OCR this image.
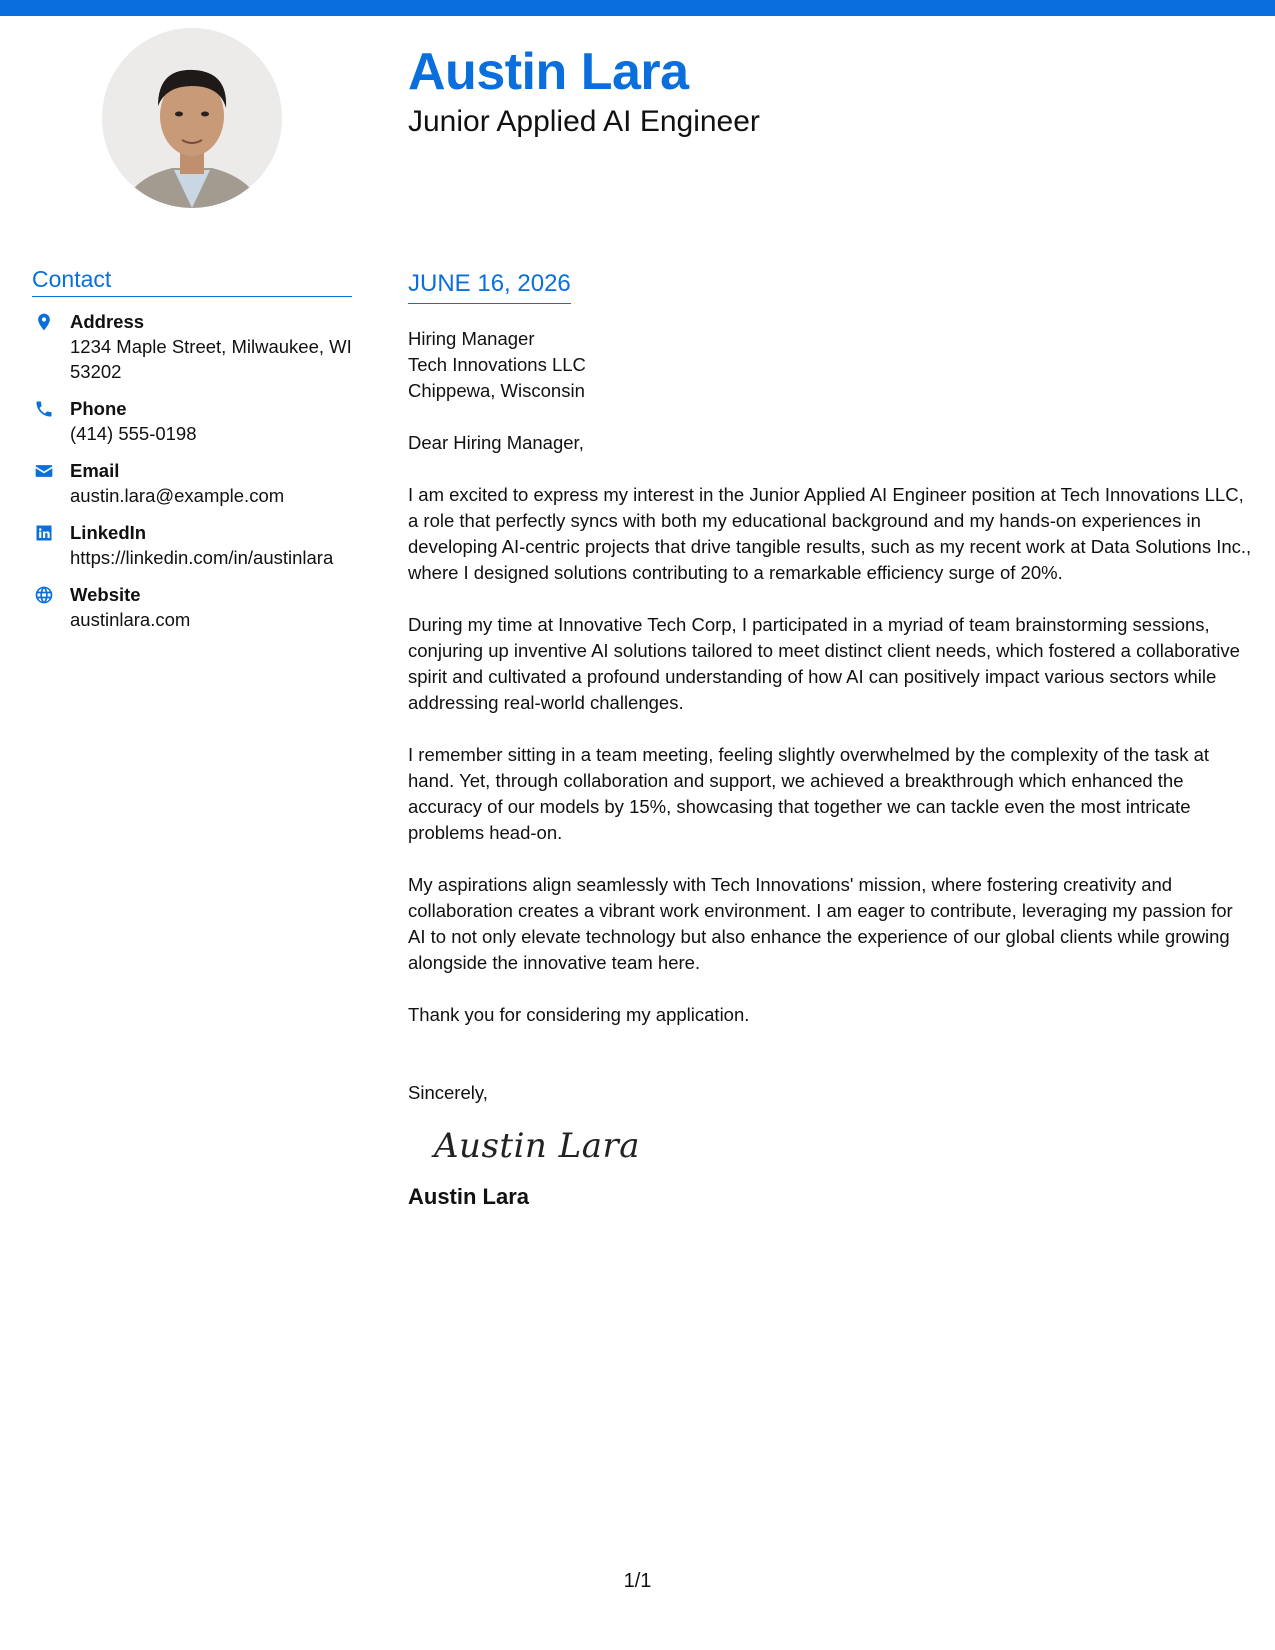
Austin Lara
Junior Applied AI Engineer
Contact
Address
1234 Maple Street, Milwaukee, WI 53202
Phone
(414) 555-0198
Email
austin.lara@example.com
LinkedIn
https://linkedin.com/in/austinlara
Website
austinlara.com
JUNE 16, 2026
Hiring Manager
Tech Innovations LLC
Chippewa, Wisconsin

Dear Hiring Manager,

I am excited to express my interest in the Junior Applied AI Engineer position at Tech Innovations LLC, a role that perfectly syncs with both my educational background and my hands-on experiences in developing AI-centric projects that drive tangible results, such as my recent work at Data Solutions Inc., where I designed solutions contributing to a remarkable efficiency surge of 20%.

During my time at Innovative Tech Corp, I participated in a myriad of team brainstorming sessions, conjuring up inventive AI solutions tailored to meet distinct client needs, which fostered a collaborative spirit and cultivated a profound understanding of how AI can positively impact various sectors while addressing real-world challenges.

I remember sitting in a team meeting, feeling slightly overwhelmed by the complexity of the task at hand. Yet, through collaboration and support, we achieved a breakthrough which enhanced the accuracy of our models by 15%, showcasing that together we can tackle even the most intricate problems head-on.

My aspirations align seamlessly with Tech Innovations' mission, where fostering creativity and collaboration creates a vibrant work environment. I am eager to contribute, leveraging my passion for AI to not only elevate technology but also enhance the experience of our global clients while growing alongside the innovative team here.

Thank you for considering my application.

Sincerely,

Austin Lara
Austin Lara
1/1
